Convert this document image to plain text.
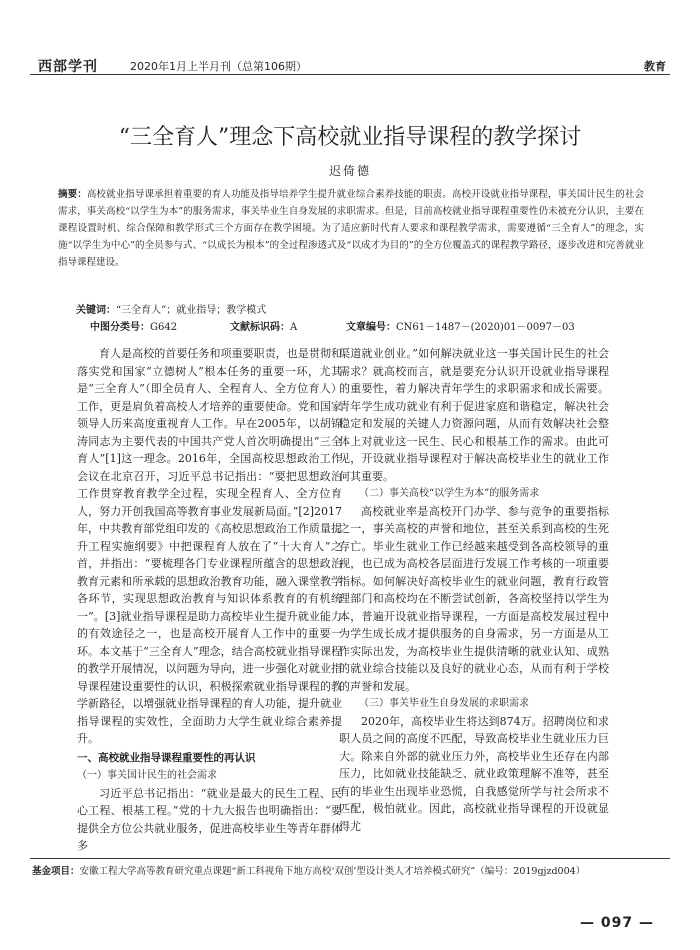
西部学刊	2020年1月上半月刊（总第106期）	教育
“三全育人”理念下高校就业指导课程的教学探讨
迟倚德
摘要：高校就业指导课承担着重要的育人功能及指导培养学生提升就业综合素养技能的职责。高校开设就业指导课程，事关国计民生的社会需求，事关高校“以学生为本”的服务需求，事关毕业生自身发展的求职需求。但是，目前高校就业指导课程重要性仍未被充分认识，主要在课程设置时机、综合保障和教学形式三个方面存在教学困境。为了适应新时代育人要求和课程教学需求，需要遵循“三全育人”的理念，实施“以学生为中心”的全员参与式、“以成长为根本”的全过程渗透式及“以成才为目的”的全方位覆盖式的课程教学路径，逐步改进和完善就业指导课程建设。
关键词：“三全育人”；就业指导；教学模式
中图分类号：G642	文献标识码：A	文章编号：CN61－1487－(2020)01－0097－03

育人是高校的首要任务和项重要职责，也是贯彻和落实党和国家“立德树人”根本任务的重要一环，尤其是“三全育人”（即全员育人、全程育人、全方位育人）工作，更是肩负着高校人才培养的重要使命。党和国家领导人历来高度重视育人工作。早在2005年，以胡锦涛同志为主要代表的中国共产党人首次明确提出“三全育人”[1]这一理念。2016年，全国高校思想政治工作会议在北京召开，习近平总书记指出：“要把思想政治工作贯穿教育教学全过程，实现全程育人、全方位育人，努力开创我国高等教育事业发展新局面。”[2]2017年，中共教育部党组印发的《高校思想政治工作质量提升工程实施纲要》中把课程育人放在了“十大育人”之首，并指出：“要梳理各门专业课程所蕴含的思想政治教育元素和所承载的思想政治教育功能，融入课堂教学各环节，实现思想政治教育与知识体系教育的有机统一”。[3]就业指导课程是助力高校毕业生提升就业能力的有效途径之一，也是高校开展育人工作中的重要一环。本文基于“三全育人”理念，结合高校就业指导课程的教学开展情况，以问题为导向，进一步强化对就业指导课程建设重要性的认识，积极探索就业指导课程的教学新路径，以增强就业指导课程的育人功能，提升就业指导课程的实效性，全面助力大学生就业综合素养提升。

一、高校就业指导课程重要性的再认识

（一）事关国计民生的社会需求

习近平总书记指出：“就业是最大的民生工程、民心工程、根基工程。”党的十九大报告也明确指出：“要提供全方位公共就业服务，促进高校毕业生等青年群体多

渠道就业创业。”如何解决就业这一事关国计民生的社会需求？就高校而言，就是要充分认识开设就业指导课程的重要性，着力解决青年学生的求职需求和成长需要。青年学生成功就业有利于促进家庭和谐稳定，解决社会稳定和发展的关键人力资源问题，从而有效解决社会整体上对就业这一民生、民心和根基工作的需求。由此可见，开设就业指导课程对于解决高校毕业生的就业工作何其重要。

（二）事关高校“以学生为本”的服务需求

高校就业率是高校开门办学、参与竞争的重要指标之一，事关高校的声誉和地位，甚至关系到高校的生死存亡。毕业生就业工作已经越来越受到各高校领导的重视，也已成为高校各层面进行发展工作考核的一项重要指标。如何解决好高校毕业生的就业问题，教育行政管理部门和高校均在不断尝试创新，各高校坚持以学生为本，普遍开设就业指导课程，一方面是高校发展过程中为学生成长成才提供服务的自身需求，另一方面是从工作实际出发，为高校毕业生提供清晰的就业认知、成熟的就业综合技能以及良好的就业心态，从而有利于学校的声誉和发展。

（三）事关毕业生自身发展的求职需求

2020年，高校毕业生将达到874万。招聘岗位和求职人员之间的高度不匹配，导致高校毕业生就业压力巨大。除来自外部的就业压力外，高校毕业生还存在内部压力，比如就业技能缺乏、就业政策理解不准等，甚至有的毕业生出现毕业恐慌，自我感觉所学与社会所求不匹配，极怕就业。因此，高校就业指导课程的开设就显得尤

基金项目：安徽工程大学高等教育研究重点课题“新工科视角下地方高校‘双创’型设计类人才培养模式研究”（编号：2019gjzd004）
— 097 —
